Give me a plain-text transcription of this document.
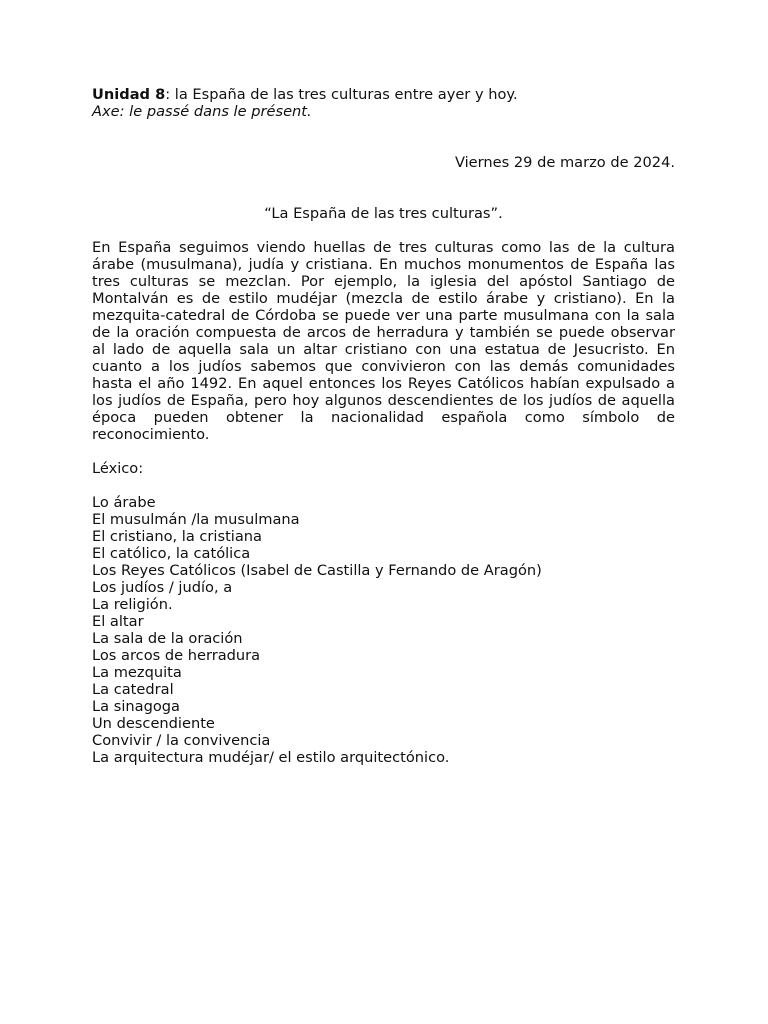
Unidad 8: la España de las tres culturas entre ayer y hoy.
Axe: le passé dans le présent.
Viernes 29 de marzo de 2024.
“La España de las tres culturas”.
En España seguimos viendo huellas de tres culturas como las de la cultura árabe (musulmana), judía y cristiana. En muchos monumentos de España las tres culturas se mezclan. Por ejemplo, la iglesia del apóstol Santiago de Montalván es de estilo mudéjar (mezcla de estilo árabe y cristiano). En la mezquita-catedral de Córdoba se puede ver una parte musulmana con la sala de la oración compuesta de arcos de herradura y también se puede observar al lado de aquella sala un altar cristiano con una estatua de Jesucristo. En cuanto a los judíos sabemos que convivieron con las demás comunidades hasta el año 1492. En aquel entonces los Reyes Católicos habían expulsado a los judíos de España, pero hoy algunos descendientes de los judíos de aquella época pueden obtener la nacionalidad española como símbolo de reconocimiento.
Léxico:
Lo árabe
El musulmán /la musulmana
El cristiano, la cristiana
El católico, la católica
Los Reyes Católicos (Isabel de Castilla y Fernando de Aragón)
Los judíos / judío, a
La religión.
El altar
La sala de la oración
Los arcos de herradura
La mezquita
La catedral
La sinagoga
Un descendiente
Convivir / la convivencia
La arquitectura mudéjar/ el estilo arquitectónico.
